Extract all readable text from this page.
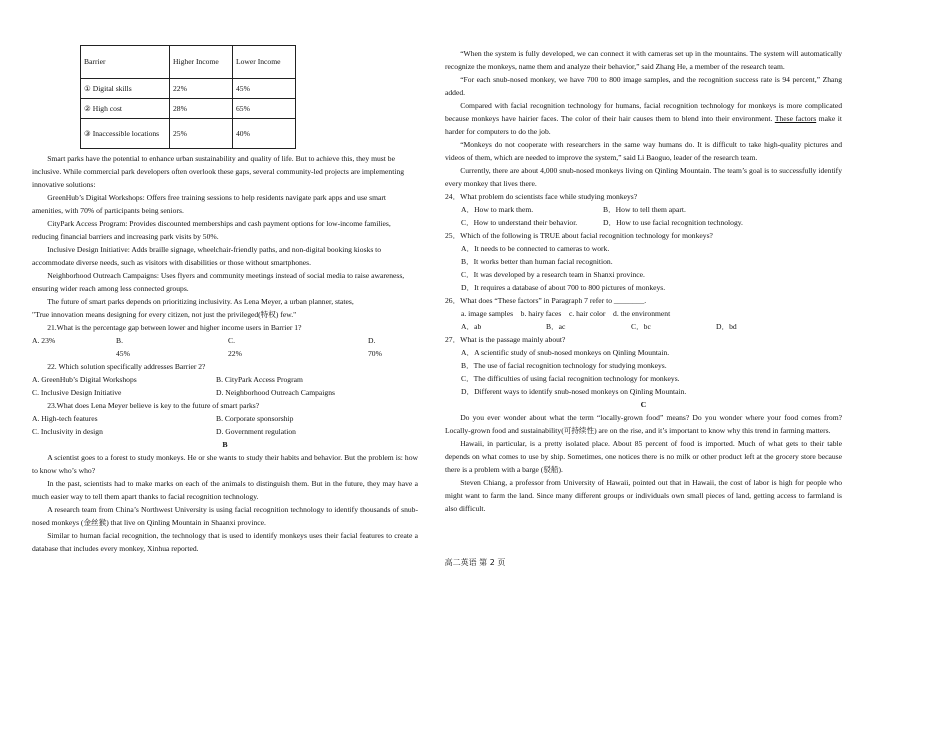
Barrier	Higher Income	Lower Income
① Digital skills	22%	45%
② High cost	28%	65%
③ Inaccessible locations	25%	40%

Smart parks have the potential to enhance urban sustainability and quality of life. But to achieve this, they must be inclusive. While commercial park developers often overlook these gaps, several community-led projects are implementing innovative solutions:

GreenHub’s Digital Workshops: Offers free training sessions to help residents navigate park apps and use smart amenities, with 70% of participants being seniors.

CityPark Access Program: Provides discounted memberships and cash payment options for low-income families, reducing financial barriers and increasing park visits by 50%.

Inclusive Design Initiative: Adds braille signage, wheelchair-friendly paths, and non-digital booking kiosks to accommodate diverse needs, such as visitors with disabilities or those without smartphones.

Neighborhood Outreach Campaigns: Uses flyers and community meetings instead of social media to raise awareness, ensuring wider reach among less connected groups.

The future of smart parks depends on prioritizing inclusivity. As Lena Meyer, a urban planner, states,

"True innovation means designing for every citizen, not just the privileged(特权) few."

21.What is the percentage gap between lower and higher income users in Barrier 1?

A. 23%	B. 45%
C. 22%
D. 70%

22. Which solution specifically addresses Barrier 2?

A. GreenHub’s Digital Workshops	B. CityPark Access Program
C. Inclusive Design Initiative	D. Neighborhood Outreach Campaigns

23.What does Lena Meyer believe is key to the future of smart parks?

A. High-tech features	B. Corporate sponsorship
C. Inclusivity in design	D. Government regulation
B

A scientist goes to a forest to study monkeys. He or she wants to study their habits and behavior. But the problem is: how to know who’s who?

In the past, scientists had to make marks on each of the animals to distinguish them. But in the future, they may have a much easier way to tell them apart thanks to facial recognition technology.

A research team from China’s Northwest University is using facial recognition technology to identify thousands of snub-nosed monkeys (金丝猴) that live on Qinling Mountain in Shaanxi province.

Similar to human facial recognition, the technology that is used to identify monkeys uses their facial features to create a database that includes every monkey, Xinhua reported.

“When the system is fully developed, we can connect it with cameras set up in the mountains. The system will automatically recognize the monkeys, name them and analyze their behavior,” said Zhang He, a member of the research team.

“For each snub-nosed monkey, we have 700 to 800 image samples, and the recognition success rate is 94 percent,” Zhang added.

Compared with facial recognition technology for humans, facial recognition technology for monkeys is more complicated because monkeys have hairier faces. The color of their hair causes them to blend into their environment. These factors make it harder for computers to do the job.

“Monkeys do not cooperate with researchers in the same way humans do. It is difficult to take high-quality pictures and videos of them, which are needed to improve the system,” said Li Baoguo, leader of the research team.

Currently, there are about 4,000 snub-nosed monkeys living on Qinling Mountain. The team’s goal is to successfully identify every monkey that lives there.

24．What problem do scientists face while studying monkeys?

A．How to mark them.	B．How to tell them apart.
C．How to understand their behavior.	D．How to use facial recognition technology.

25．Which of the following is TRUE about facial recognition technology for monkeys?

A．It needs to be connected to cameras to work.

B．It works better than human facial recognition.

C．It was developed by a research team in Shanxi province.

D．It requires a database of about 700 to 800 pictures of monkeys.

26．What does “These factors” in Paragraph 7 refer to ________.

a. image samples    b. hairy faces    c. hair color    d. the environment

A．ab	B．ac	C．bc	D．bd

27．What is the passage mainly about?

A．A scientific study of snub-nosed monkeys on Qinling Mountain.

B．The use of facial recognition technology for studying monkeys.

C．The difficulties of using facial recognition technology for monkeys.

D．Different ways to identify snub-nosed monkeys on Qinling Mountain.

C

Do you ever wonder about what the term “locally-grown food” means? Do you wonder where your food comes from? Locally-grown food and sustainability(可持续性) are on the rise, and it’s important to know why this trend in farming matters.

Hawaii, in particular, is a pretty isolated place. About 85 percent of food is imported. Much of what gets to their table depends on what comes to use by ship. Sometimes, one notices there is no milk or other product left at the grocery store because there is a problem with a barge (驳船).

Steven Chiang, a professor from University of Hawaii, pointed out that in Hawaii, the cost of labor is high for people who might want to farm the land. Since many different groups or individuals own small pieces of land, getting access to farmland is also difficult.

高二英语 第 2 页
